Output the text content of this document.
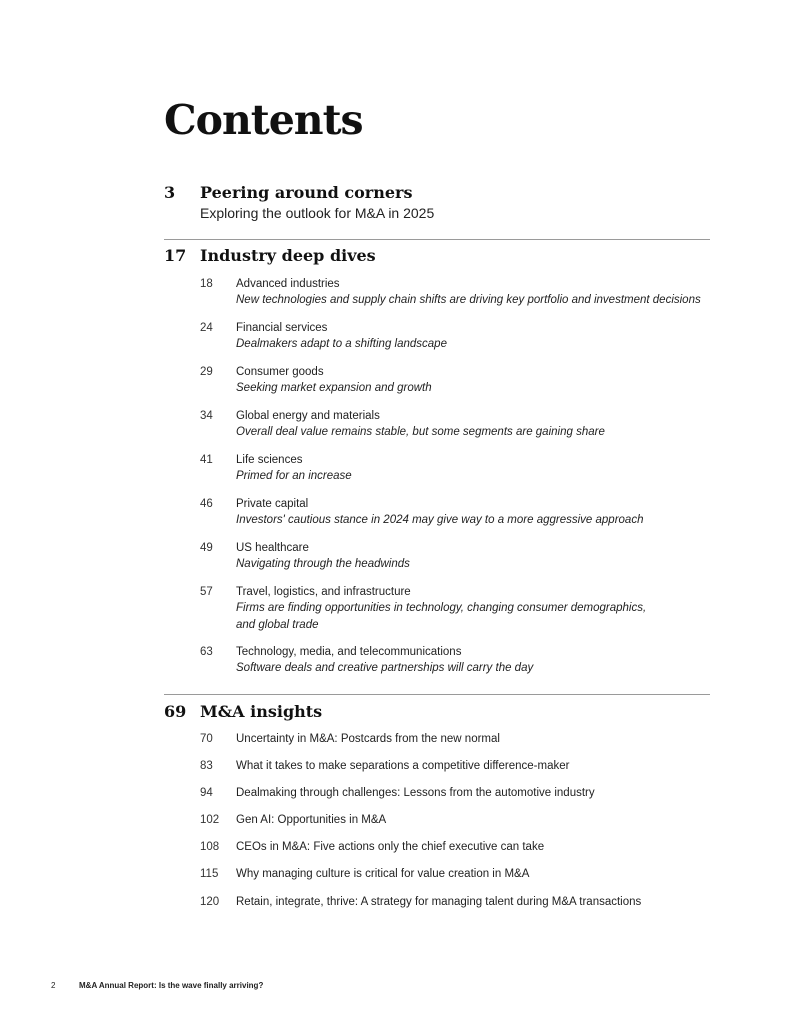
Contents
3	Peering around corners
Exploring the outlook for M&A in 2025
17 Industry deep dives
18	Advanced industries
New technologies and supply chain shifts are driving key portfolio and investment decisions
24	Financial services
Dealmakers adapt to a shifting landscape
29	Consumer goods
Seeking market expansion and growth
34	Global energy and materials
Overall deal value remains stable, but some segments are gaining share
41	Life sciences
Primed for an increase
46	Private capital
Investors' cautious stance in 2024 may give way to a more aggressive approach
49	US healthcare
Navigating through the headwinds
57	Travel, logistics, and infrastructure
Firms are finding opportunities in technology, changing consumer demographics, and global trade
63	Technology, media, and telecommunications
Software deals and creative partnerships will carry the day
69 M&A insights
70	Uncertainty in M&A: Postcards from the new normal
83	What it takes to make separations a competitive difference-maker
94	Dealmaking through challenges: Lessons from the automotive industry
102	Gen AI: Opportunities in M&A
108	CEOs in M&A: Five actions only the chief executive can take
115	Why managing culture is critical for value creation in M&A
120	Retain, integrate, thrive: A strategy for managing talent during M&A transactions
2	M&A Annual Report: Is the wave finally arriving?
